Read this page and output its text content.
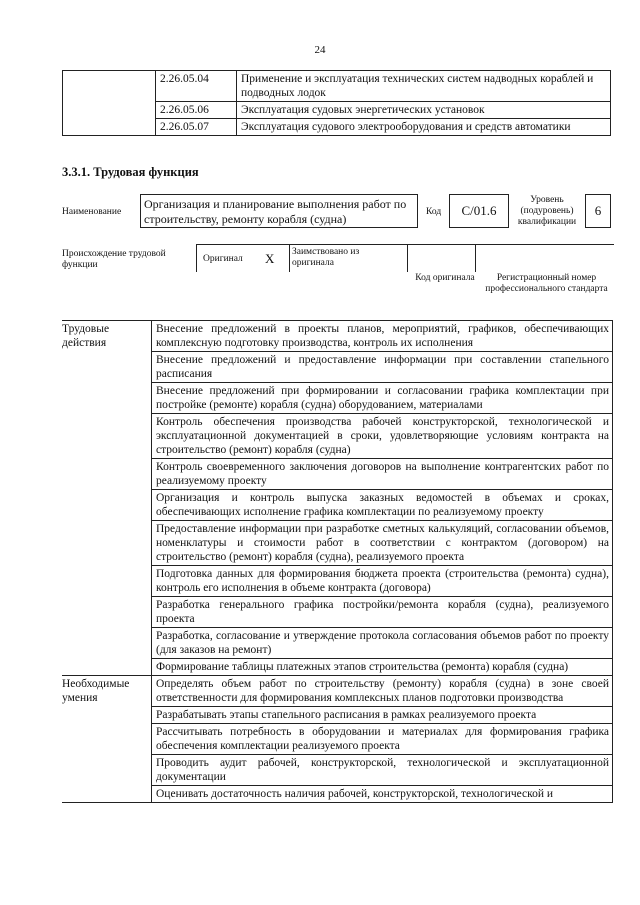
24
	2.26.05.04	Применение и эксплуатация технических систем надводных кораблей и подводных лодок
	2.26.05.06	Эксплуатация судовых энергетических установок
	2.26.05.07	Эксплуатация судового электрооборудования и средств автоматики
3.3.1. Трудовая функция
Наименование
Организация и планирование выполнения работ по строительству, ремонту корабля (судна)	Код	C/01.6
Уровень (подуровень) квалификации
6
Происхождение трудовой функции
Оригинал X Заимствовано из оригинала
Код оригинала	Регистрационный номер профессионального стандарта
Трудовые действия	Внесение предложений в проекты планов, мероприятий, графиков, обеспечивающих комплексную подготовку производства, контроль их исполнения
	Внесение предложений и предоставление информации при составлении стапельного расписания
	Внесение предложений при формировании и согласовании графика комплектации при постройке (ремонте) корабля (судна) оборудованием, материалами
	Контроль обеспечения производства рабочей конструкторской, технологической и эксплуатационной документацией в сроки, удовлетворяющие условиям контракта на строительство (ремонт) корабля (судна)
	Контроль своевременного заключения договоров на выполнение контрагентских работ по реализуемому проекту
	Организация и контроль выпуска заказных ведомостей в объемах и сроках, обеспечивающих исполнение графика комплектации по реализуемому проекту
	Предоставление информации при разработке сметных калькуляций, согласовании объемов, номенклатуры и стоимости работ в соответствии с контрактом (договором) на строительство (ремонт) корабля (судна), реализуемого проекта
	Подготовка данных для формирования бюджета проекта (строительства (ремонта) судна), контроль его исполнения в объеме контракта (договора)
	Разработка генерального графика постройки/ремонта корабля (судна), реализуемого проекта
	Разработка, согласование и утверждение протокола согласования объемов работ по проекту (для заказов на ремонт)
	Формирование таблицы платежных этапов строительства (ремонта) корабля (судна)
Необходимые умения	Определять объем работ по строительству (ремонту) корабля (судна) в зоне своей ответственности для формирования комплексных планов подготовки производства
	Разрабатывать этапы стапельного расписания в рамках реализуемого проекта
	Рассчитывать потребность в оборудовании и материалах для формирования графика обеспечения комплектации реализуемого проекта
	Проводить аудит рабочей, конструкторской, технологической и эксплуатационной документации
	Оценивать достаточность наличия рабочей, конструкторской, технологической и
